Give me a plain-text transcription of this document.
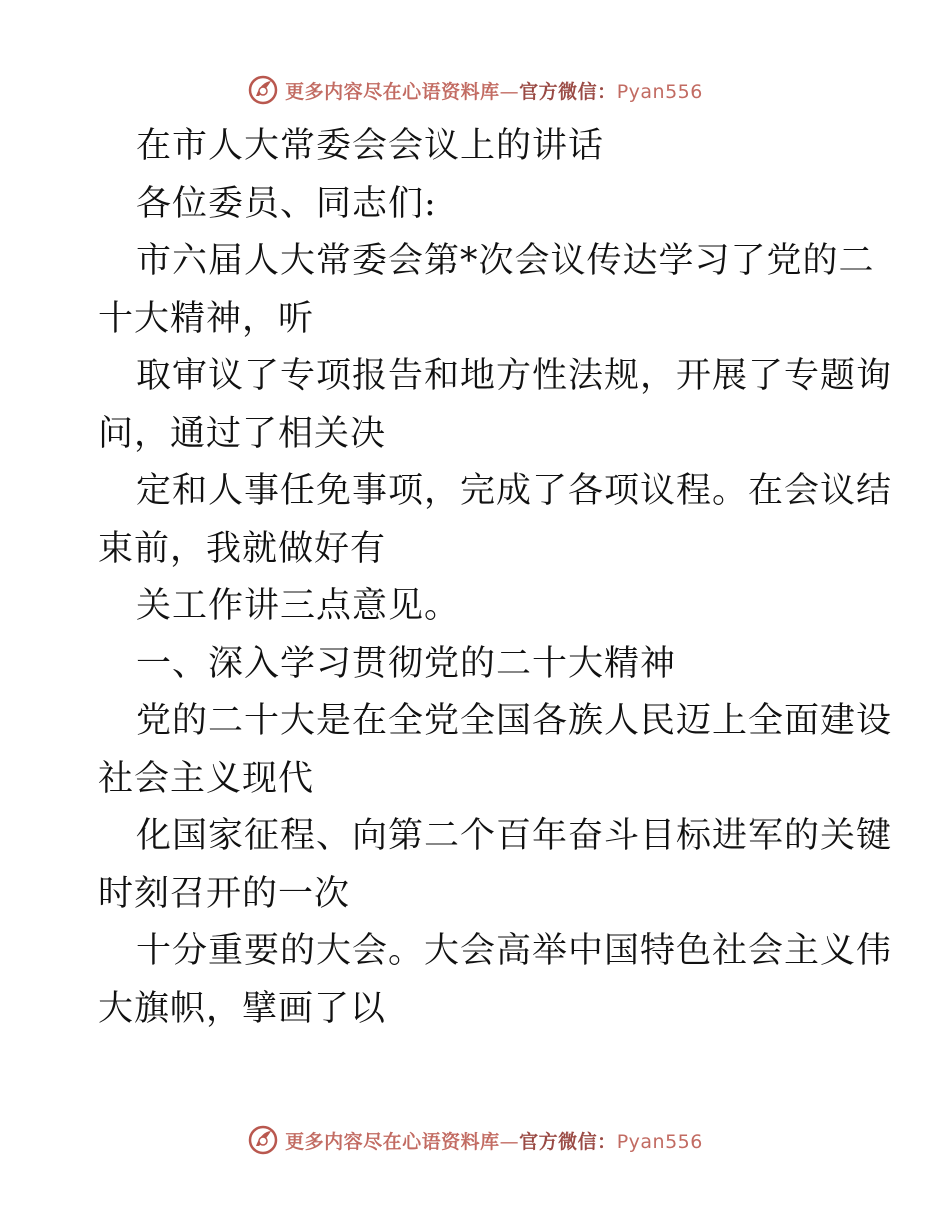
更多内容尽在心语资料库—官方微信：Pyan556
在市人大常委会会议上的讲话
各位委员、同志们:
市六届人大常委会第*次会议传达学习了党的二
十大精神，听
取审议了专项报告和地方性法规，开展了专题询
问，通过了相关决
定和人事任免事项，完成了各项议程。在会议结
束前，我就做好有
关工作讲三点意见。
一、深入学习贯彻党的二十大精神
党的二十大是在全党全国各族人民迈上全面建设
社会主义现代
化国家征程、向第二个百年奋斗目标进军的关键
时刻召开的一次
十分重要的大会。大会高举中国特色社会主义伟
大旗帜，擘画了以
更多内容尽在心语资料库—官方微信：Pyan556
